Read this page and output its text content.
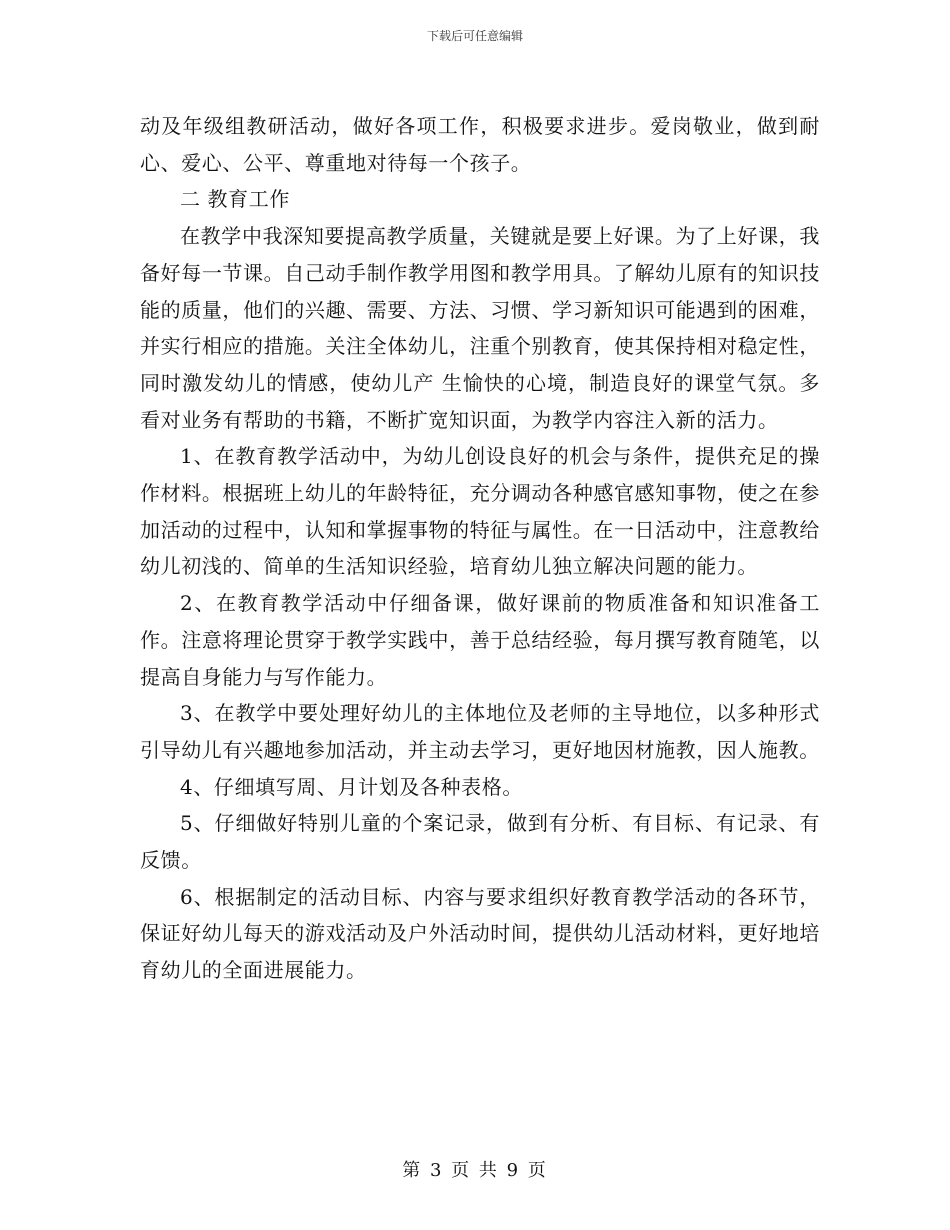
下载后可任意编辑

动及年级组教研活动，做好各项工作，积极要求进步。爱岗敬业，做到耐心、爱心、公平、尊重地对待每一个孩子。

二 教育工作

在教学中我深知要提高教学质量，关键就是要上好课。为了上好课，我备好每一节课。自己动手制作教学用图和教学用具。了解幼儿原有的知识技能的质量，他们的兴趣、需要、方法、习惯、学习新知识可能遇到的困难，并实行相应的措施。关注全体幼儿，注重个别教育，使其保持相对稳定性，同时激发幼儿的情感，使幼儿产 生愉快的心境，制造良好的课堂气氛。多看对业务有帮助的书籍，不断扩宽知识面，为教学内容注入新的活力。

1、在教育教学活动中，为幼儿创设良好的机会与条件，提供充足的操作材料。根据班上幼儿的年龄特征，充分调动各种感官感知事物，使之在参加活动的过程中，认知和掌握事物的特征与属性。在一日活动中，注意教给幼儿初浅的、简单的生活知识经验，培育幼儿独立解决问题的能力。

2、在教育教学活动中仔细备课，做好课前的物质准备和知识准备工作。注意将理论贯穿于教学实践中，善于总结经验，每月撰写教育随笔，以提高自身能力与写作能力。

3、在教学中要处理好幼儿的主体地位及老师的主导地位，以多种形式引导幼儿有兴趣地参加活动，并主动去学习，更好地因材施教，因人施教。

4、仔细填写周、月计划及各种表格。

5、仔细做好特别儿童的个案记录，做到有分析、有目标、有记录、有反馈。

6、根据制定的活动目标、内容与要求组织好教育教学活动的各环节，保证好幼儿每天的游戏活动及户外活动时间，提供幼儿活动材料，更好地培育幼儿的全面进展能力。

第 3 页 共 9 页
